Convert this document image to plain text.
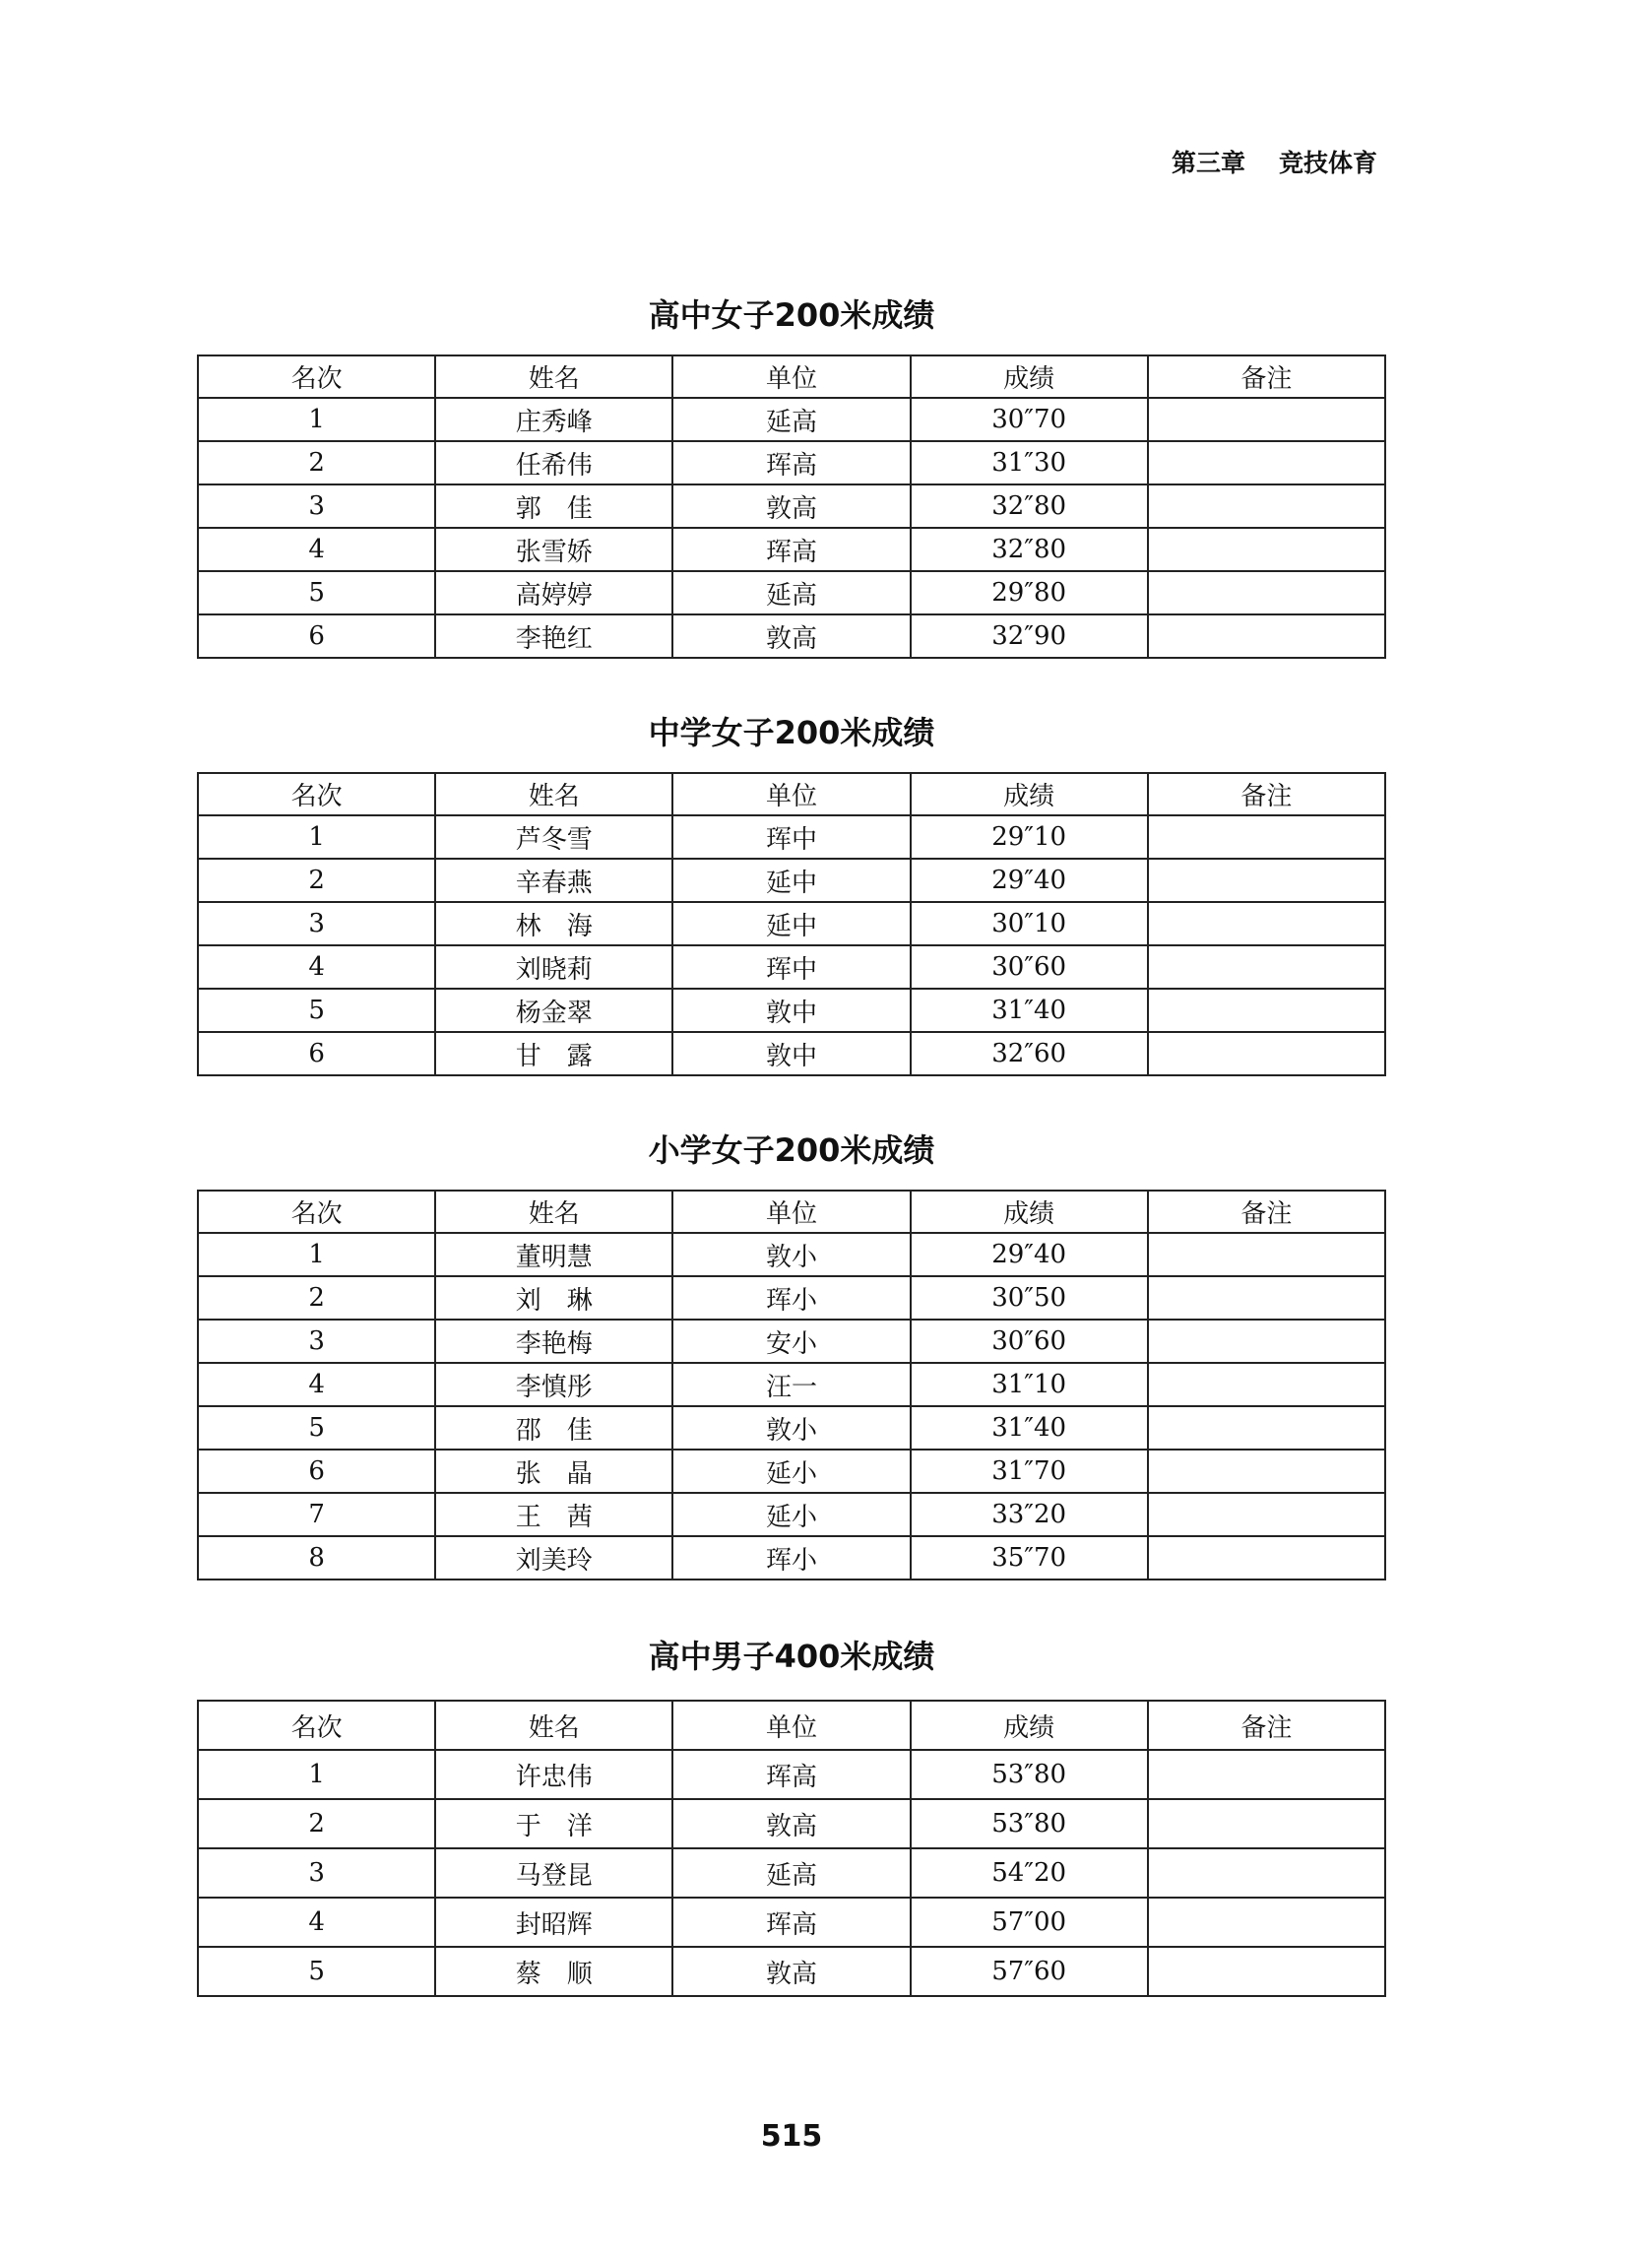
第三章 竞技体育
高中女子200米成绩
名次	姓名	单位	成绩	备注
1	庄秀峰	延高	30″70	
2	任希伟	珲高	31″30	
3	郭　佳	敦高	32″80	
4	张雪娇	珲高	32″80	
5	高婷婷	延高	29″80	
6	李艳红	敦高	32″90	
中学女子200米成绩
名次	姓名	单位	成绩	备注
1	芦冬雪	珲中	29″10	
2	辛春燕	延中	29″40	
3	林　海	延中	30″10	
4	刘晓莉	珲中	30″60	
5	杨金翠	敦中	31″40	
6	甘　露	敦中	32″60	
小学女子200米成绩
名次	姓名	单位	成绩	备注
1	董明慧	敦小	29″40	
2	刘　琳	珲小	30″50	
3	李艳梅	安小	30″60	
4	李慎彤	汪一	31″10	
5	邵　佳	敦小	31″40	
6	张　晶	延小	31″70	
7	王　茜	延小	33″20	
8	刘美玲	珲小	35″70	
高中男子400米成绩
名次	姓名	单位	成绩	备注
1	许忠伟	珲高	53″80	
2	于　洋	敦高	53″80	
3	马登昆	延高	54″20	
4	封昭辉	珲高	57″00	
5	蔡　顺	敦高	57″60	
515
